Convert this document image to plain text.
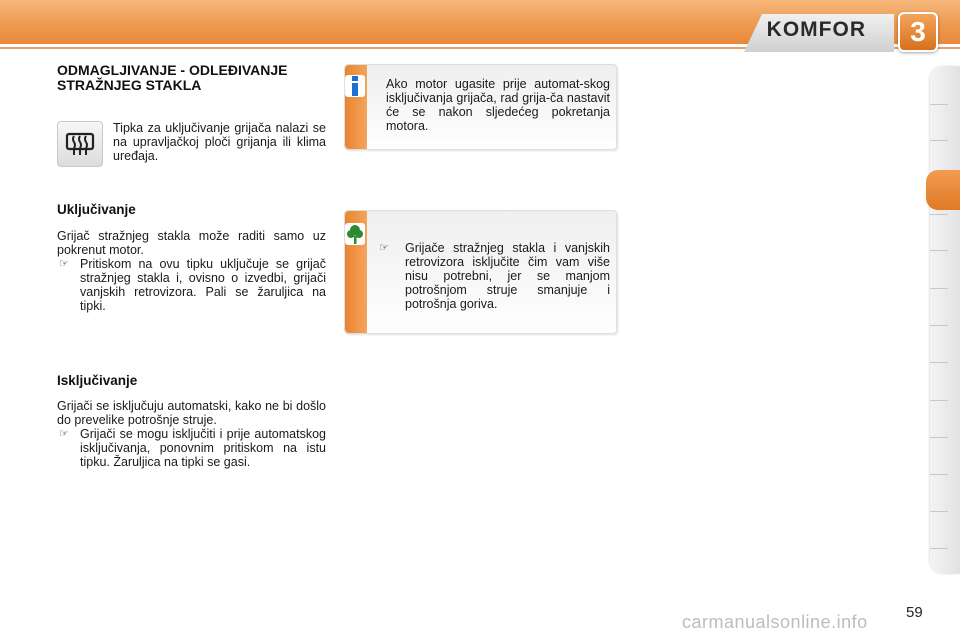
KOMFOR	3
ODMAGLJIVANJE - ODLEĐIVANJE STRAŽNJEG STAKLA
Tipka za uključivanje grijača nalazi se na upravljačkoj ploči grijanja ili klima uređaja.
Uključivanje
Grijač stražnjeg stakla može raditi samo uz pokrenut motor.
☞ Pritiskom na ovu tipku uključuje se grijač stražnjeg stakla i, ovisno o izvedbi, grijači vanjskih retrovizora. Pali se žaruljica na tipki.
Isključivanje
Grijači se isključuju automatski, kako ne bi došlo do prevelike potrošnje struje.
☞ Grijači se mogu isključiti i prije automatskog isključivanja, ponovnim pritiskom na istu tipku. Žaruljica na tipki se gasi.
Ako motor ugasite prije automat-skog isključivanja grijača, rad grija-ča nastavit će se nakon sljedećeg pokretanja motora.
☞ Grijače stražnjeg stakla i vanjskih retrovizora isključite čim vam više nisu potrebni, jer se manjom potrošnjom struje smanjuje i potrošnja goriva.
59
carmanualsonline.info
